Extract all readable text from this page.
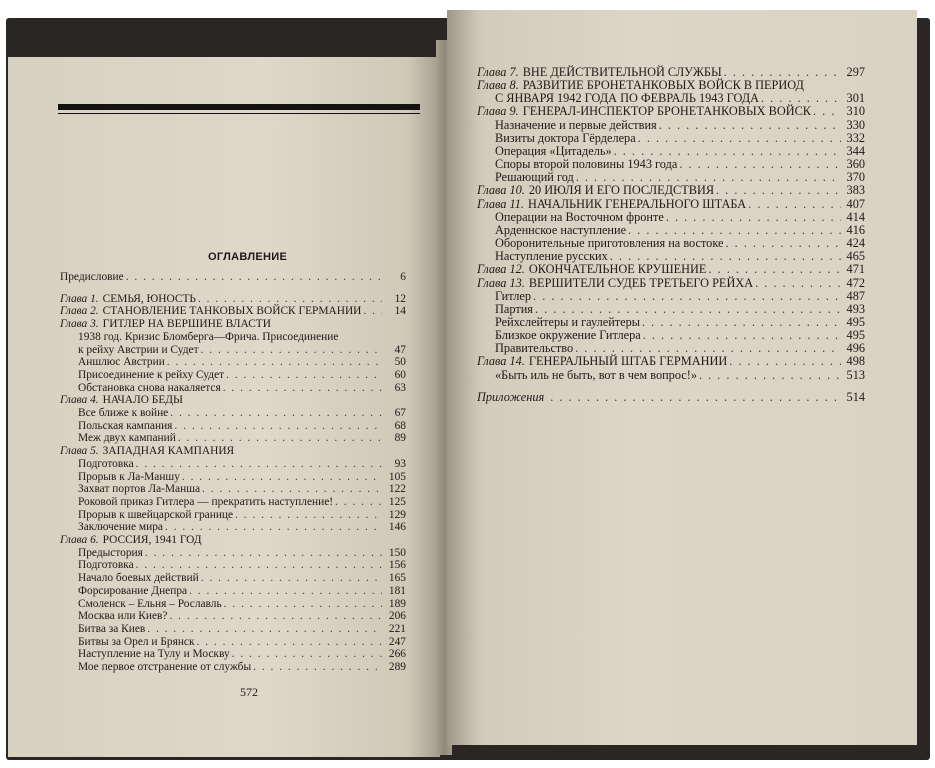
ОГЛАВЛЕНИЕ
Предисловие . . .	6
Глава 1. СЕМЬЯ, ЮНОСТЬ . . .	12
Глава 2. СТАНОВЛЕНИЕ ТАНКОВЫХ ВОЙСК ГЕРМАНИИ . . .	14
Глава 3. ГИТЛЕР НА ВЕРШИНЕ ВЛАСТИ
1938 год. Кризис Бломберга—Фрича. Присоединение
к рейху Австрии и Судет . . .	47
Аншлюс Австрии . . .	50
Присоединение к рейху Судет . . .	60
Обстановка снова накаляется . . .	63
Глава 4. НАЧАЛО БЕДЫ
Все ближе к войне . . .	67
Польская кампания . . .	68
Меж двух кампаний . . .	89
Глава 5. ЗАПАДНАЯ КАМПАНИЯ
Подготовка . . .	93
Прорыв к Ла-Маншу . . .	105
Захват портов Ла-Манша . . .	122
Роковой приказ Гитлера — прекратить наступление! . . .	125
Прорыв к швейцарской границе . . .	129
Заключение мира . . .	146
Глава 6. РОССИЯ, 1941 ГОД
Предыстория . . .	150
Подготовка . . .	156
Начало боевых действий . . .	165
Форсирование Днепра . . .	181
Смоленск – Ельня – Рославль . . .	189
Москва или Киев? . . .	206
Битва за Киев . . .	221
Битвы за Орел и Брянск . . .	247
Наступление на Тулу и Москву . . .	266
Мое первое отстранение от службы . . .	289
572
Глава 7. ВНЕ ДЕЙСТВИТЕЛЬНОЙ СЛУЖБЫ . . .	297
Глава 8. РАЗВИТИЕ БРОНЕТАНКОВЫХ ВОЙСК В ПЕРИОД
С ЯНВАРЯ 1942 ГОДА ПО ФЕВРАЛЬ 1943 ГОДА . . .	301
Глава 9. ГЕНЕРАЛ-ИНСПЕКТОР БРОНЕТАНКОВЫХ ВОЙСК . . .	310
Назначение и первые действия . . .	330
Визиты доктора Гёрделера . . .	332
Операция «Цитадель» . . .	344
Споры второй половины 1943 года . . .	360
Решающий год . . .	370
Глава 10. 20 ИЮЛЯ И ЕГО ПОСЛЕДСТВИЯ . . .	383
Глава 11. НАЧАЛЬНИК ГЕНЕРАЛЬНОГО ШТАБА . . .	407
Операции на Восточном фронте . . .	414
Арденнское наступление . . .	416
Оборонительные приготовления на востоке . . .	424
Наступление русских . . .	465
Глава 12. ОКОНЧАТЕЛЬНОЕ КРУШЕНИЕ . . .	471
Глава 13. ВЕРШИТЕЛИ СУДЕБ ТРЕТЬЕГО РЕЙХА . . .	472
Гитлер . . .	487
Партия . . .	493
Рейхслейтеры и гаулейтеры . . .	495
Близкое окружение Гитлера . . .	495
Правительство . . .	496
Глава 14. ГЕНЕРАЛЬНЫЙ ШТАБ ГЕРМАНИИ . . .	498
«Быть иль не быть, вот в чем вопрос!» . . .	513
Приложения . . .	514
